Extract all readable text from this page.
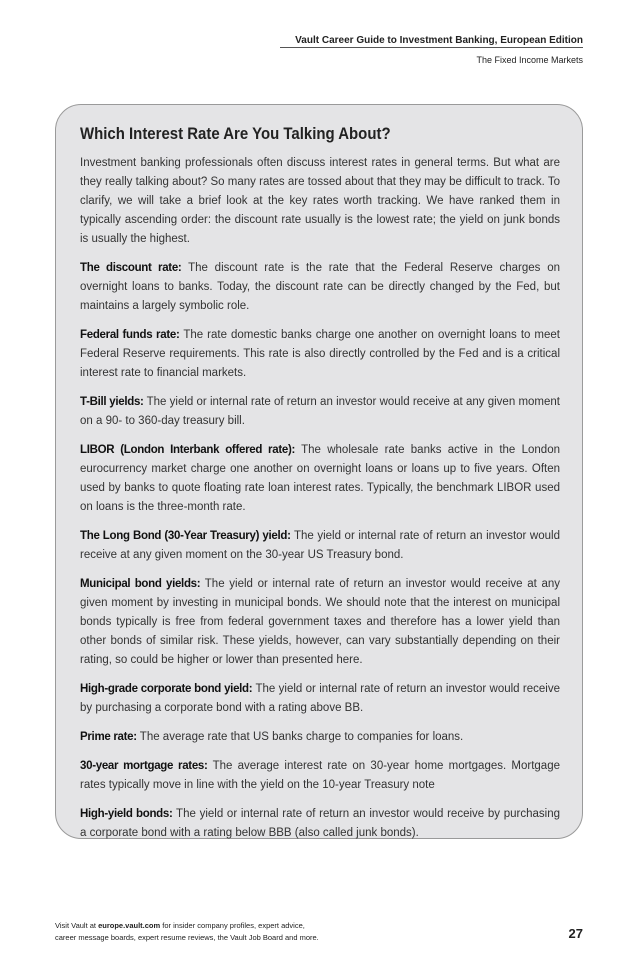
Vault Career Guide to Investment Banking, European Edition
The Fixed Income Markets
Which Interest Rate Are You Talking About?

Investment banking professionals often discuss interest rates in general terms. But what are they really talking about? So many rates are tossed about that they may be difficult to track. To clarify, we will take a brief look at the key rates worth tracking. We have ranked them in typically ascending order: the discount rate usually is the lowest rate; the yield on junk bonds is usually the highest.

The discount rate: The discount rate is the rate that the Federal Reserve charges on overnight loans to banks. Today, the discount rate can be directly changed by the Fed, but maintains a largely symbolic role.

Federal funds rate: The rate domestic banks charge one another on overnight loans to meet Federal Reserve requirements. This rate is also directly controlled by the Fed and is a critical interest rate to financial markets.

T-Bill yields: The yield or internal rate of return an investor would receive at any given moment on a 90- to 360-day treasury bill.

LIBOR (London Interbank offered rate): The wholesale rate banks active in the London eurocurrency market charge one another on overnight loans or loans up to five years. Often used by banks to quote floating rate loan interest rates. Typically, the benchmark LIBOR used on loans is the three-month rate.

The Long Bond (30-Year Treasury) yield: The yield or internal rate of return an investor would receive at any given moment on the 30-year US Treasury bond.

Municipal bond yields: The yield or internal rate of return an investor would receive at any given moment by investing in municipal bonds. We should note that the interest on municipal bonds typically is free from federal government taxes and therefore has a lower yield than other bonds of similar risk. These yields, however, can vary substantially depending on their rating, so could be higher or lower than presented here.

High-grade corporate bond yield: The yield or internal rate of return an investor would receive by purchasing a corporate bond with a rating above BB.

Prime rate: The average rate that US banks charge to companies for loans.

30-year mortgage rates: The average interest rate on 30-year home mortgages. Mortgage rates typically move in line with the yield on the 10-year Treasury note

High-yield bonds: The yield or internal rate of return an investor would receive by purchasing a corporate bond with a rating below BBB (also called junk bonds).

Visit Vault at europe.vault.com for insider company profiles, expert advice,
career message boards, expert resume reviews, the Vault Job Board and more.	27
